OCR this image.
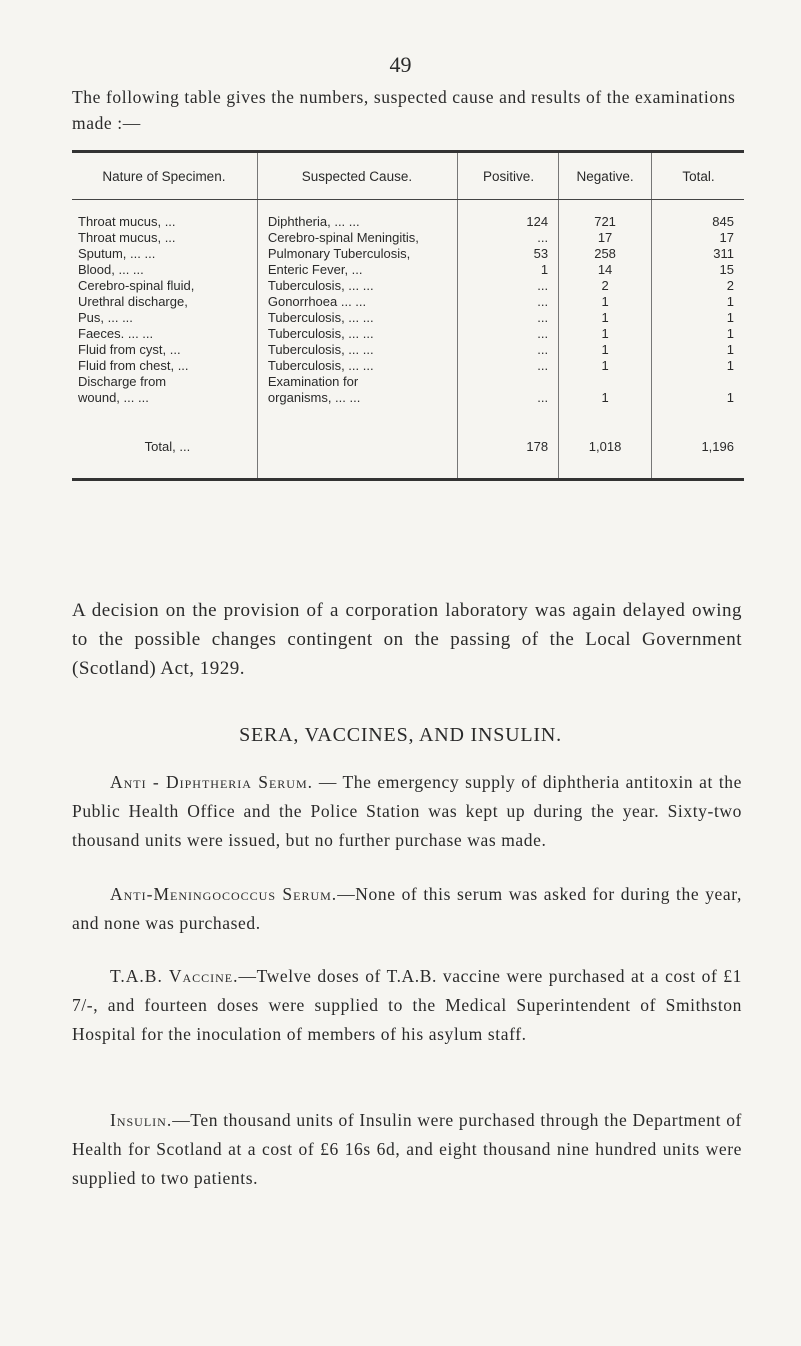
49
The following table gives the numbers, suspected cause and results of the examinations made :—
Nature of Specimen.	Suspected Cause.	Positive.	Negative.	Total.

Throat mucus, ...	Diphtheria, ... ...	124	721	845
Throat mucus, ...	Cerebro-spinal Meningitis,	...	17	17
Sputum, ... ...	Pulmonary Tuberculosis,	53	258	311
Blood, ... ...	Enteric Fever, ...	1	14	15
Cerebro-spinal fluid,	Tuberculosis, ... ...	...	2	2
Urethral discharge,	Gonorrhoea ... ...	...	1	1
Pus, ... ...	Tuberculosis, ... ...	...	1	1
Faeces. ... ...	Tuberculosis, ... ...	...	1	1
Fluid from cyst, ...	Tuberculosis, ... ...	...	1	1
Fluid from chest, ...	Tuberculosis, ... ...	...	1	1
Discharge from	Examination for			
wound, ... ...	organisms, ... ...	...	1	1

Total, ...		178	1,018	1,196

A decision on the provision of a corporation laboratory was again delayed owing to the possible changes contingent on the passing of the Local Government (Scotland) Act, 1929.
SERA, VACCINES, AND INSULIN.
Anti - Diphtheria Serum. — The emergency supply of diphtheria antitoxin at the Public Health Office and the Police Station was kept up during the year. Sixty-two thousand units were issued, but no further purchase was made.
Anti-Meningococcus Serum.—None of this serum was asked for during the year, and none was purchased.
T.A.B. Vaccine.—Twelve doses of T.A.B. vaccine were purchased at a cost of £1 7/-, and fourteen doses were supplied to the Medical Superintendent of Smithston Hospital for the inoculation of members of his asylum staff.
Insulin.—Ten thousand units of Insulin were purchased through the Department of Health for Scotland at a cost of £6 16s 6d, and eight thousand nine hundred units were supplied to two patients.
